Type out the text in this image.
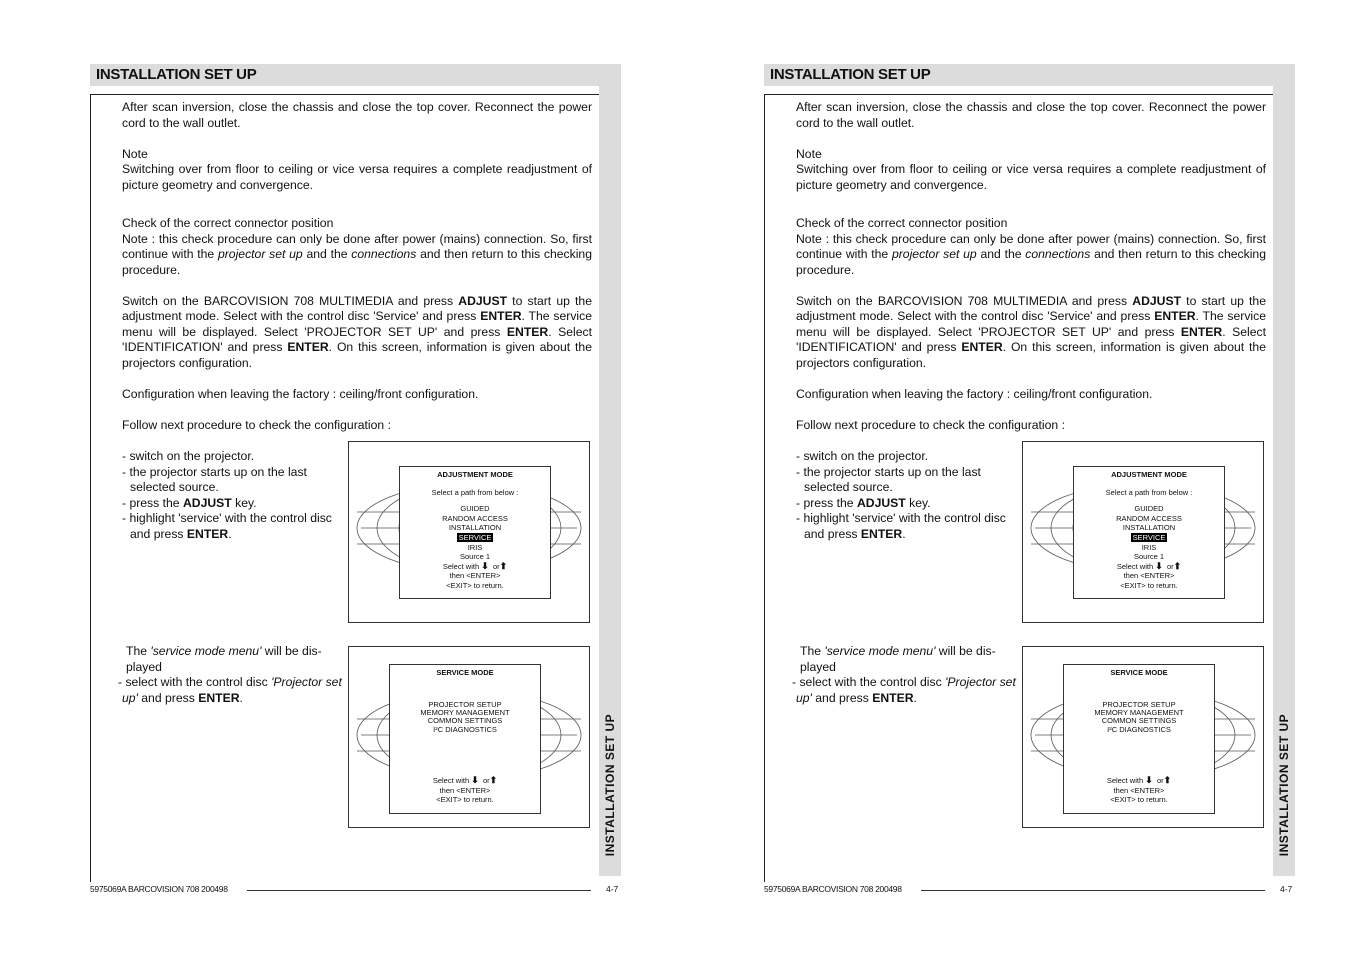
INSTALLATION SET UP
INSTALLATION SET UP

After scan inversion, close the chassis and close the top cover. Reconnect the power cord to the wall outlet.

Note

Switching over from floor to ceiling or vice versa requires a complete readjustment of picture geometry and convergence.

Check of the correct connector position

Note : this check procedure can only be done after power (mains) connection. So, first continue with the projector set up and the connections and then return to this checking procedure.

Switch on the BARCOVISION 708 MULTIMEDIA and press ADJUST to start up the adjustment mode. Select with the control disc 'Service' and press ENTER. The service menu will be displayed. Select 'PROJECTOR SET UP' and press ENTER. Select 'IDENTIFICATION' and press ENTER. On this screen, information is given about the projectors configuration.

Configuration when leaving the factory : ceiling/front configuration.

Follow next procedure to check the configuration :

- switch on the projector.
- the projector starts up on the last selected source.
- press the ADJUST key.
- highlight 'service' with the control disc and press ENTER.
The 'service mode menu' will be dis-played
- select with the control disc 'Projector set up' and press ENTER.
ADJUSTMENT MODE
Select a path from below :
GUIDED
RANDOM ACCESS
INSTALLATION
SERVICE
IRIS
Source 1
Select with ⬇ or⬆
then <ENTER>
<EXIT> to return.
SERVICE MODE
PROJECTOR SETUP
MEMORY MANAGEMENT
COMMON SETTINGS
I²C DIAGNOSTICS
Select with ⬇ or⬆
then <ENTER>
<EXIT> to return.
5975069A BARCOVISION 708 200498	4-7
INSTALLATION SET UP
INSTALLATION SET UP

After scan inversion, close the chassis and close the top cover. Reconnect the power cord to the wall outlet.

Note

Switching over from floor to ceiling or vice versa requires a complete readjustment of picture geometry and convergence.

Check of the correct connector position

Note : this check procedure can only be done after power (mains) connection. So, first continue with the projector set up and the connections and then return to this checking procedure.

Switch on the BARCOVISION 708 MULTIMEDIA and press ADJUST to start up the adjustment mode. Select with the control disc 'Service' and press ENTER. The service menu will be displayed. Select 'PROJECTOR SET UP' and press ENTER. Select 'IDENTIFICATION' and press ENTER. On this screen, information is given about the projectors configuration.

Configuration when leaving the factory : ceiling/front configuration.

Follow next procedure to check the configuration :

- switch on the projector.
- the projector starts up on the last selected source.
- press the ADJUST key.
- highlight 'service' with the control disc and press ENTER.
The 'service mode menu' will be dis-played
- select with the control disc 'Projector set up' and press ENTER.
ADJUSTMENT MODE
Select a path from below :
GUIDED
RANDOM ACCESS
INSTALLATION
SERVICE
IRIS
Source 1
Select with ⬇ or⬆
then <ENTER>
<EXIT> to return.
SERVICE MODE
PROJECTOR SETUP
MEMORY MANAGEMENT
COMMON SETTINGS
I²C DIAGNOSTICS
Select with ⬇ or⬆
then <ENTER>
<EXIT> to return.
5975069A BARCOVISION 708 200498	4-7
